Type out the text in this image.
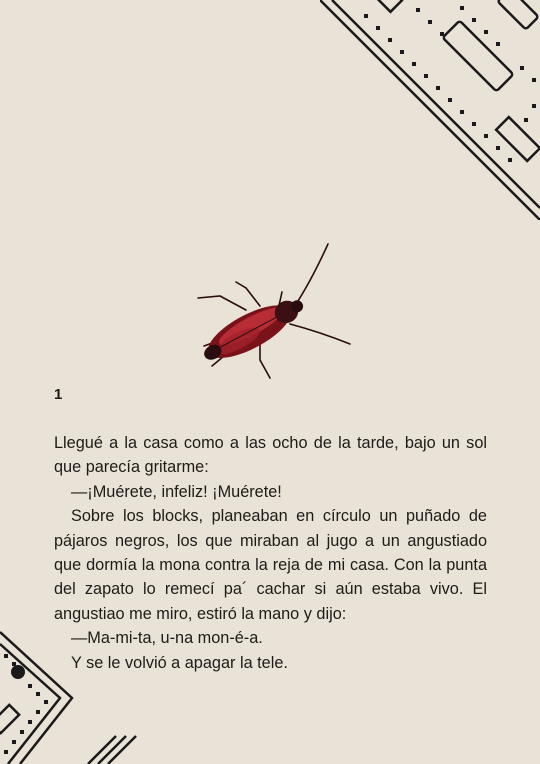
1

Llegué a la casa como a las ocho de la tarde, bajo un sol que parecía gritarme:

—¡Muérete, infeliz! ¡Muérete!

Sobre los blocks, planeaban en círculo un puñado de pájaros negros, los que miraban al jugo a un angustiado que dormía la mona contra la reja de mi casa. Con la punta del zapato lo remecí pa´ cachar si aún estaba vivo. El angustiao me miro, estiró la mano y dijo:

—Ma-mi-ta, u-na mon-é-a.

Y se le volvió a apagar la tele.
